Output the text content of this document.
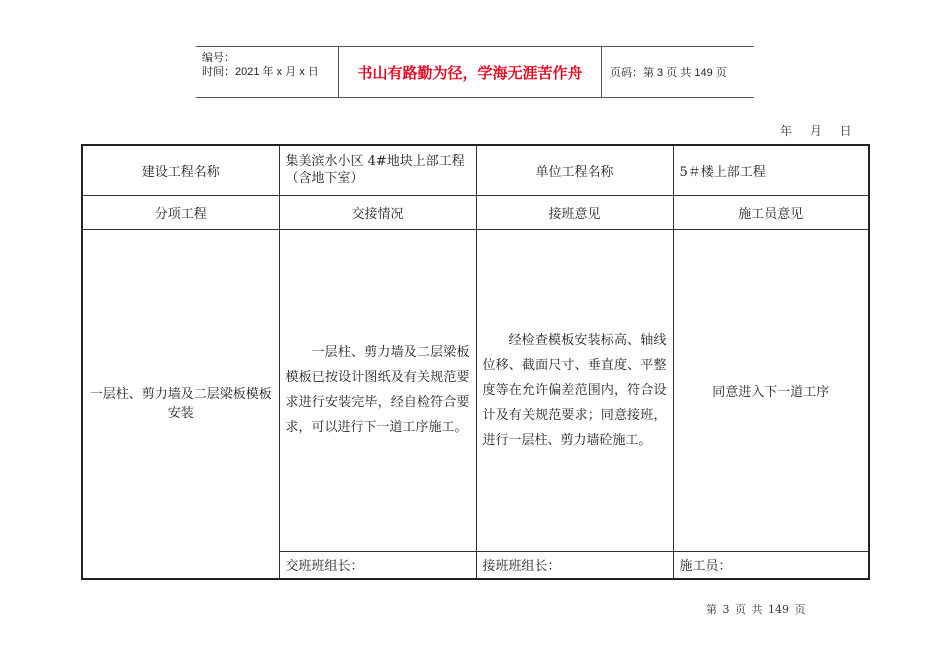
编号：
时间：2021 年 x 月 x 日	书山有路勤为径，学海无涯苦作舟	页码：第 3 页 共 149 页
年 月 日
建设工程名称	集美滨水小区 4#地块上部工程（含地下室）	单位工程名称	5＃楼上部工程
分项工程	交接情况	接班意见	施工员意见
一层柱、剪力墙及二层梁板模板安装	一层柱、剪力墙及二层梁板模板已按设计图纸及有关规范要求进行安装完毕，经自检符合要求，可以进行下一道工序施工。	经检查模板安装标高、轴线位移、截面尺寸、垂直度、平整度等在允许偏差范围内，符合设计及有关规范要求；同意接班，进行一层柱、剪力墙砼施工。	同意进入下一道工序
	交班班组长：	接班班组长：	施工员：
第 3 页 共 149 页
